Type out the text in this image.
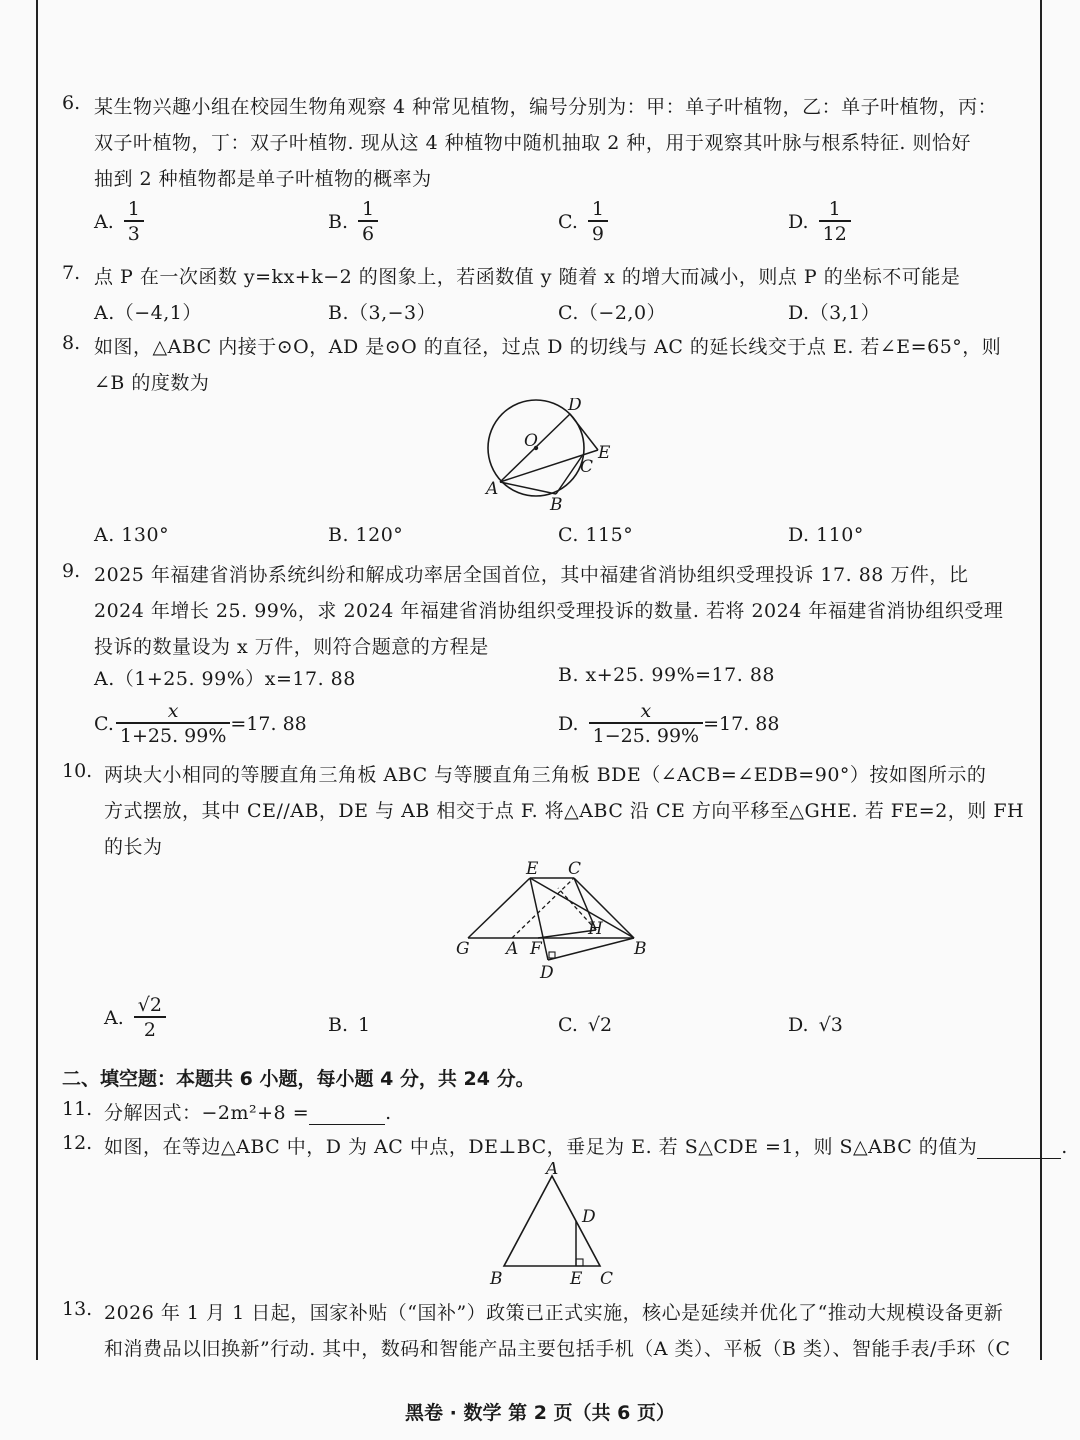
6. 某生物兴趣小组在校园生物角观察 4 种常见植物，编号分别为：甲：单子叶植物，乙：单子叶植物，丙：
双子叶植物，丁：双子叶植物. 现从这 4 种植物中随机抽取 2 种，用于观察其叶脉与根系特征. 则恰好
抽到 2 种植物都是单子叶植物的概率为
A. $\frac{1}{3}$	B. $\frac{1}{6}$	C. $\frac{1}{9}$	D. $\frac{1}{12}$
7. 点 P 在一次函数 y=kx+k−2 的图象上，若函数值 y 随着 x 的增大而减小，则点 P 的坐标不可能是
A.（−4,1）	B.（3,−3）	C.（−2,0）	D.（3,1）
8. 如图，△ABC 内接于⊙O，AD 是⊙O 的直径，过点 D 的切线与 AC 的延长线交于点 E. 若∠E=65°，则
∠B 的度数为
D
O
E
C
A
B
A. 130°	B. 120°	C. 115°	D. 110°
9. 2025 年福建省消协系统纠纷和解成功率居全国首位，其中福建省消协组织受理投诉 17. 88 万件，比
2024 年增长 25. 99%，求 2024 年福建省消协组织受理投诉的数量. 若将 2024 年福建省消协组织受理
投诉的数量设为 x 万件，则符合题意的方程是
A.（1+25. 99%）x=17. 88	B. x+25. 99%=17. 88
C. $\frac{x}{1+25. 99\%} =17$. 88	D. $\frac{x}{1-25. 99\%} =17$. 88
10. 两块大小相同的等腰直角三角板 ABC 与等腰直角三角板 BDE（∠ACB=∠EDB=90°）按如图所示的
方式摆放，其中 CE//AB，DE 与 AB 相交于点 F. 将△ABC 沿 CE 方向平移至△GHE. 若 FE=2，则 FH
的长为
E C
G A F
H
B
D
A. $\frac{√2}{2}$	B. 1	C. √2	D. √3
二、填空题：本题共 6 小题，每小题 4 分，共 24 分。
11. 分解因式：−2m²+8 =	.
12. 如图，在等边△ABC 中，D 为 AC 中点，DE⊥BC，垂足为 E. 若 S△CDE =1，则 S△ABC 的值为	.
A
D
B	E C
13. 2026 年 1 月 1 日起，国家补贴（“国补”）政策已正式实施，核心是延续并优化了“推动大规模设备更新
和消费品以旧换新”行动. 其中，数码和智能产品主要包括手机（A 类）、平板（B 类）、智能手表/手环（C
黑卷 · 数学 第 2 页（共 6 页）
